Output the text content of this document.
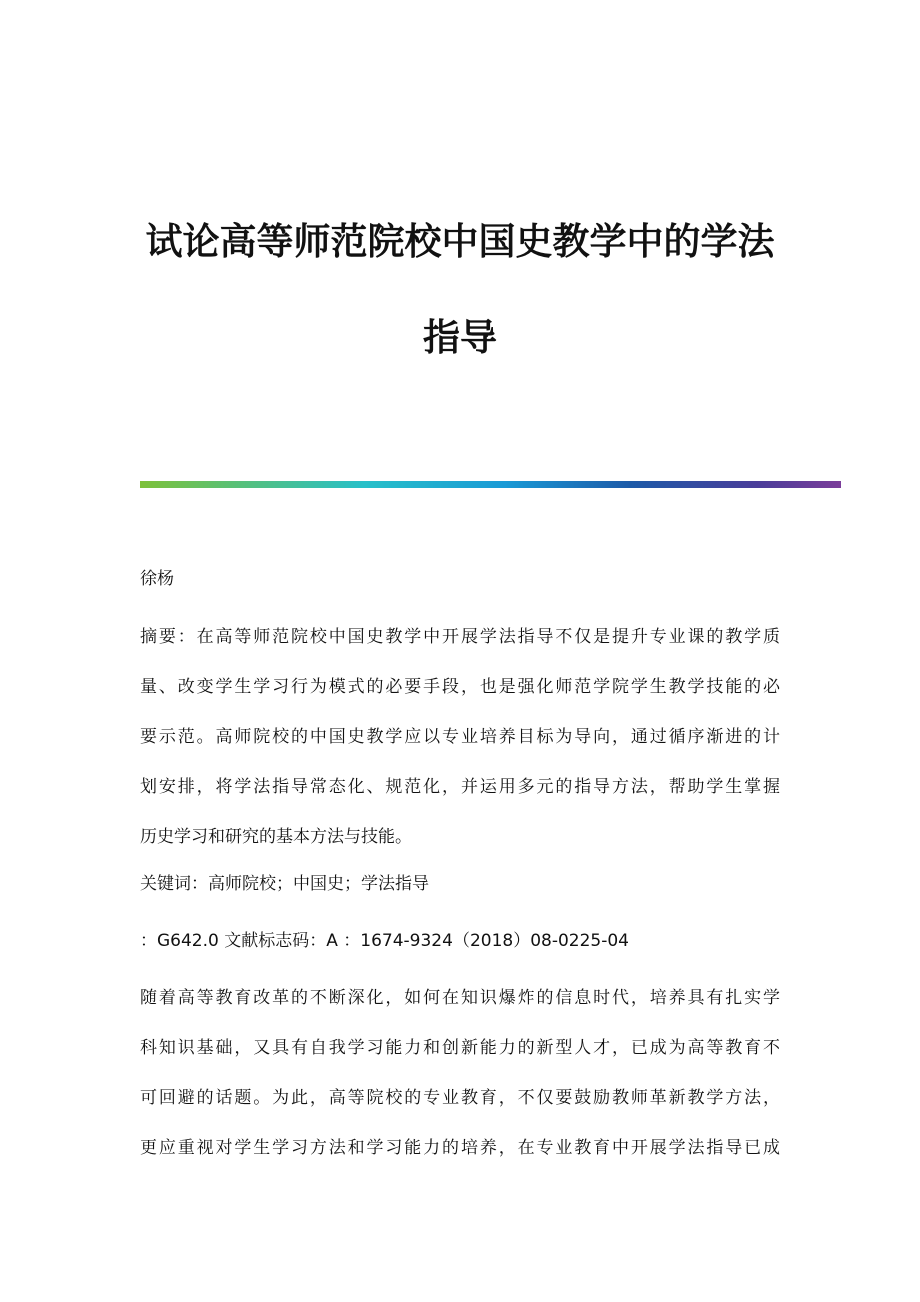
试论高等师范院校中国史教学中的学法
指导
徐杨
摘要：在高等师范院校中国史教学中开展学法指导不仅是提升专业课的教学质
量、改变学生学习行为模式的必要手段，也是强化师范学院学生教学技能的必
要示范。高师院校的中国史教学应以专业培养目标为导向，通过循序渐进的计
划安排，将学法指导常态化、规范化，并运用多元的指导方法，帮助学生掌握
历史学习和研究的基本方法与技能。
关键词：高师院校；中国史；学法指导
：G642.0 文献标志码：A ：1674-9324（2018）08-0225-04
随着高等教育改革的不断深化，如何在知识爆炸的信息时代，培养具有扎实学
科知识基础，又具有自我学习能力和创新能力的新型人才，已成为高等教育不
可回避的话题。为此，高等院校的专业教育，不仅要鼓励教师革新教学方法，
更应重视对学生学习方法和学习能力的培养，在专业教育中开展学法指导已成
